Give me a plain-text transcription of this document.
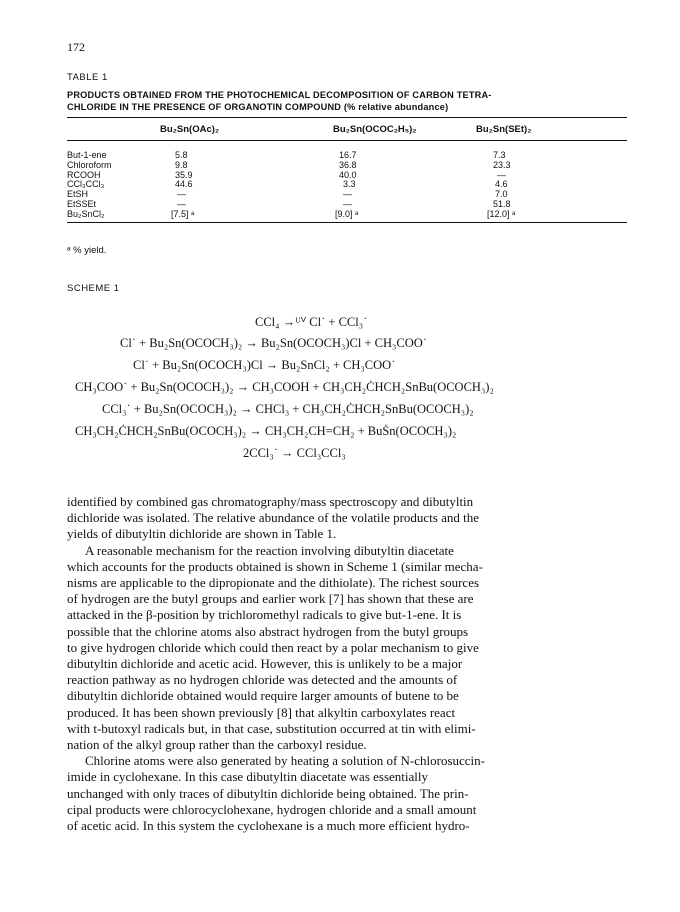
172
TABLE 1
PRODUCTS OBTAINED FROM THE PHOTOCHEMICAL DECOMPOSITION OF CARBON TETRA-
CHLORIDE IN THE PRESENCE OF ORGANOTIN COMPOUND (% relative abundance)
Bu₂Sn(OAc)₂	Bu₂Sn(OCOC₂H₅)₂	Bu₂Sn(SEt)₂
But-1-ene	5.8	16.7	7.3
Chloroform	9.8	36.8	23.3
RCOOH	35.9	40.0	—
CCl₃CCl₃	44.6	3.3	4.6
EtSH	—	—	7.0
EtSSEt	—	—	51.8
Bu₂SnCl₂	[7.5] ᵃ	[9.0] ᵃ	[12.0] ᵃ
ᵃ % yield.
SCHEME 1
CCl₄ →ᵁⱽ Cl˙ + CCl₃˙
Cl˙ + Bu₂Sn(OCOCH₃)₂ → Bu₂Sn(OCOCH₃)Cl + CH₃COO˙
Cl˙ + Bu₂Sn(OCOCH₃)Cl → Bu₂SnCl₂ + CH₃COO˙
CH₃COO˙ + Bu₂Sn(OCOCH₃)₂ → CH₃COOH + CH₃CH₂ĊHCH₂SnBu(OCOCH₃)₂
CCl₃˙ + Bu₂Sn(OCOCH₃)₂ → CHCl₃ + CH₃CH₂ĊHCH₂SnBu(OCOCH₃)₂
CH₃CH₂ĊHCH₂SnBu(OCOCH₃)₂ → CH₃CH₂CH=CH₂ + BuṠn(OCOCH₃)₂
2CCl₃˙ → CCl₃CCl₃
identified by combined gas chromatography/mass spectroscopy and dibutyltin
dichloride was isolated. The relative abundance of the volatile products and the
yields of dibutyltin dichloride are shown in Table 1.
A reasonable mechanism for the reaction involving dibutyltin diacetate
which accounts for the products obtained is shown in Scheme 1 (similar mecha-
nisms are applicable to the dipropionate and the dithiolate). The richest sources
of hydrogen are the butyl groups and earlier work [7] has shown that these are
attacked in the β-position by trichloromethyl radicals to give but-1-ene. It is
possible that the chlorine atoms also abstract hydrogen from the butyl groups
to give hydrogen chloride which could then react by a polar mechanism to give
dibutyltin dichloride and acetic acid. However, this is unlikely to be a major
reaction pathway as no hydrogen chloride was detected and the amounts of
dibutyltin dichloride obtained would require larger amounts of butene to be
produced. It has been shown previously [8] that alkyltin carboxylates react
with t-butoxyl radicals but, in that case, substitution occurred at tin with elimi-
nation of the alkyl group rather than the carboxyl residue.
Chlorine atoms were also generated by heating a solution of N-chlorosuccin-
imide in cyclohexane. In this case dibutyltin diacetate was essentially
unchanged with only traces of dibutyltin dichloride being obtained. The prin-
cipal products were chlorocyclohexane, hydrogen chloride and a small amount
of acetic acid. In this system the cyclohexane is a much more efficient hydro-
